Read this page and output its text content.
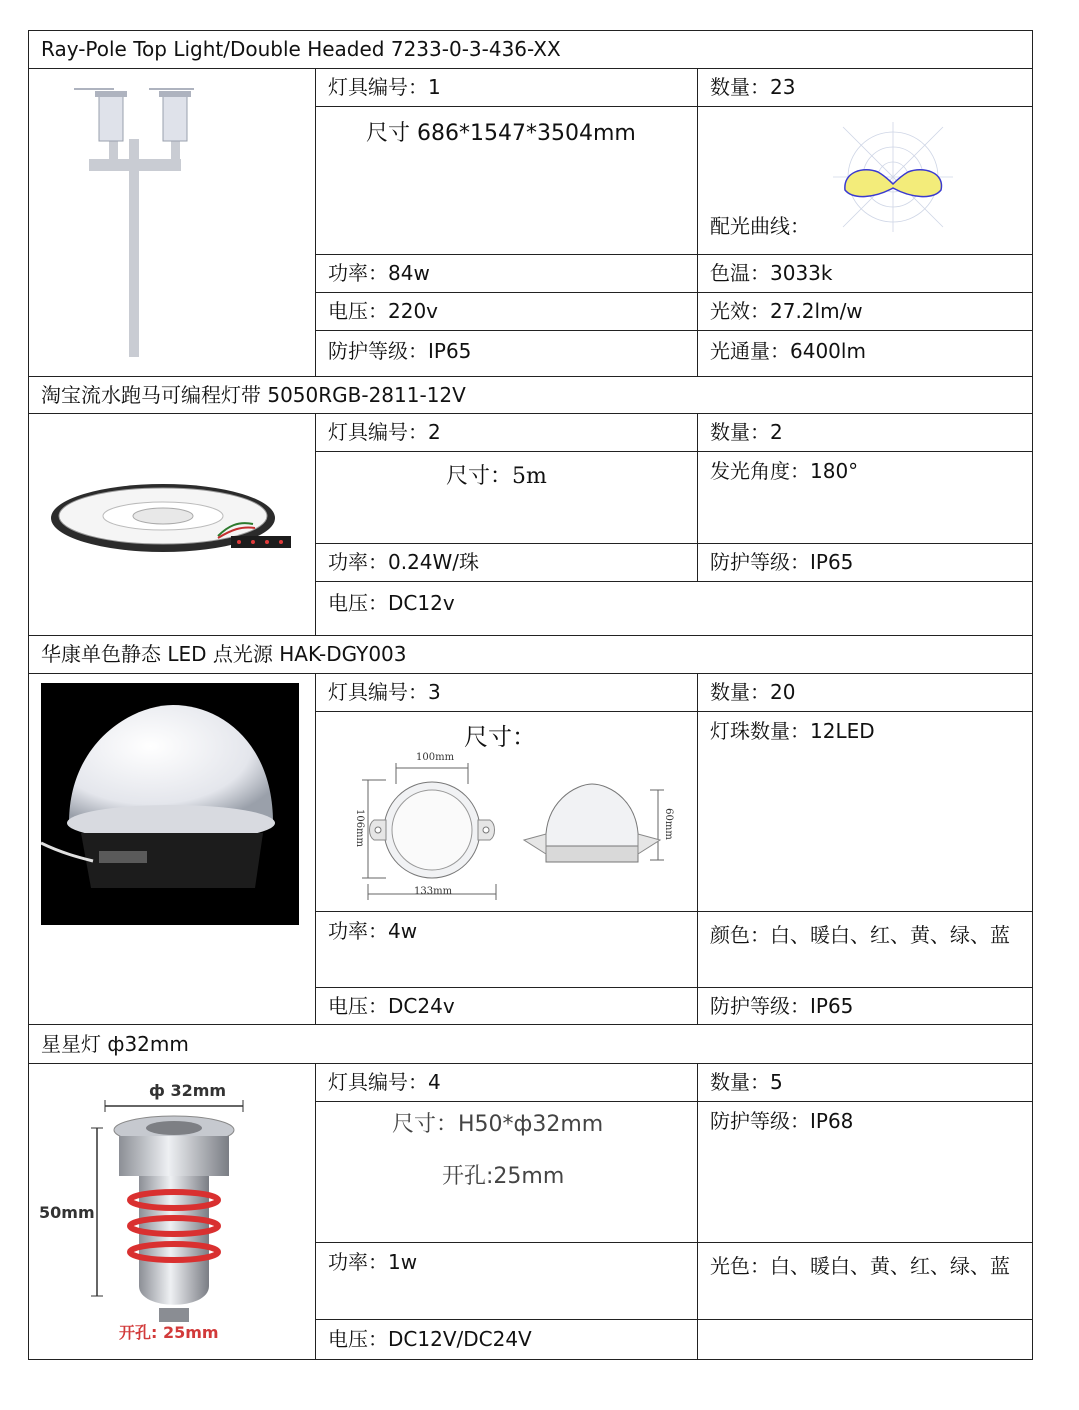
Ray-Pole Top Light/Double Headed 7233-0-3-436-XX
灯具编号：1	数量：23
尺寸 686*1547*3504mm
配光曲线：
功率：84w	色温：3033k
电压：220v	光效：27.2lm/w
防护等级：IP65	光通量：6400lm
淘宝流水跑马可编程灯带 5050RGB-2811-12V
灯具编号：2	数量：2
尺寸：5m	发光角度：180°
功率：0.24W/珠	防护等级：IP65
电压：DC12v
华康单色静态 LED 点光源 HAK-DGY003
灯具编号：3	数量：20
尺寸：
100mm
133mm
106mm	60mm
灯珠数量：12LED
功率：4w	颜色：白、暖白、红、黄、绿、蓝
电压：DC24v	防护等级：IP65
星星灯 ф32mm
ф 32mm
50mm
开孔: 25mm
灯具编号：4	数量：5
尺寸：H50*ф32mm
开孔:25mm
防护等级：IP68
功率：1w	光色：白、暖白、黄、红、绿、蓝
电压：DC12V/DC24V
